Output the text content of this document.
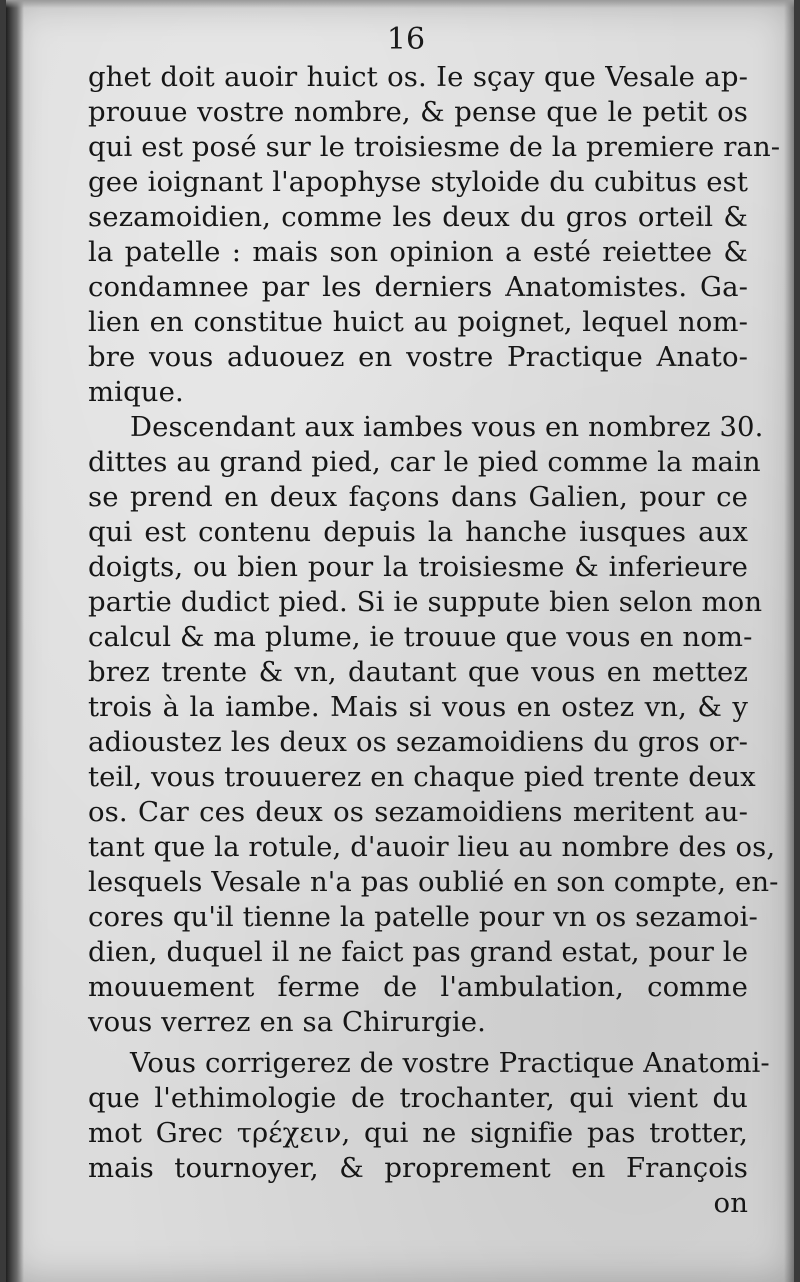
16
ghet doit auoir huict os. Ie sçay que Vesale ap-
prouue vostre nombre, & pense que le petit os
qui est posé sur le troisiesme de la premiere ran-
gee ioignant l'apophyse styloide du cubitus est
sezamoidien, comme les deux du gros orteil &
la patelle : mais son opinion a esté reiettee &
condamnee par les derniers Anatomistes. Ga-
lien en constitue huict au poignet, lequel nom-
bre vous aduouez en vostre Practique Anato-
mique.
Descendant aux iambes vous en nombrez 30.
dittes au grand pied, car le pied comme la main
se prend en deux façons dans Galien, pour ce
qui est contenu depuis la hanche iusques aux
doigts, ou bien pour la troisiesme & inferieure
partie dudict pied. Si ie suppute bien selon mon
calcul & ma plume, ie trouue que vous en nom-
brez trente & vn, dautant que vous en mettez
trois à la iambe. Mais si vous en ostez vn, & y
adioustez les deux os sezamoidiens du gros or-
teil, vous trouuerez en chaque pied trente deux
os. Car ces deux os sezamoidiens meritent au-
tant que la rotule, d'auoir lieu au nombre des os,
lesquels Vesale n'a pas oublié en son compte, en-
cores qu'il tienne la patelle pour vn os sezamoi-
dien, duquel il ne faict pas grand estat, pour le
mouuement ferme de l'ambulation, comme
vous verrez en sa Chirurgie.
Vous corrigerez de vostre Practique Anatomi-
que l'ethimologie de trochanter, qui vient du
mot Grec τρέχειν, qui ne signifie pas trotter,
mais tournoyer, & proprement en François
on
